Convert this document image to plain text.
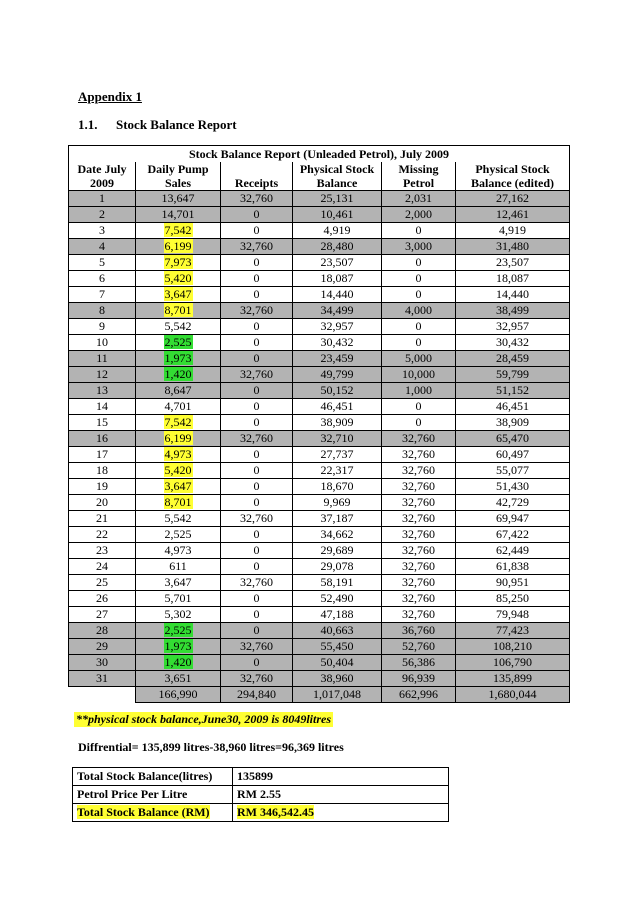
Appendix 1
1.1. Stock Balance Report
Stock Balance Report (Unleaded Petrol), July 2009					
Date July	Daily Pump		Physical Stock	Missing	Physical Stock
2009	Sales	Receipts	Balance	Petrol	Balance (edited)
1	13,647	32,760	25,131	2,031	27,162
2	14,701	0	10,461	2,000	12,461
3	7,542	0	4,919	0	4,919
4	6,199	32,760	28,480	3,000	31,480
5	7,973	0	23,507	0	23,507
6	5,420	0	18,087	0	18,087
7	3,647	0	14,440	0	14,440
8	8,701	32,760	34,499	4,000	38,499
9	5,542	0	32,957	0	32,957
10	2,525	0	30,432	0	30,432
11	1,973	0	23,459	5,000	28,459
12	1,420	32,760	49,799	10,000	59,799
13	8,647	0	50,152	1,000	51,152
14	4,701	0	46,451	0	46,451
15	7,542	0	38,909	0	38,909
16	6,199	32,760	32,710	32,760	65,470
17	4,973	0	27,737	32,760	60,497
18	5,420	0	22,317	32,760	55,077
19	3,647	0	18,670	32,760	51,430
20	8,701	0	9,969	32,760	42,729
21	5,542	32,760	37,187	32,760	69,947
22	2,525	0	34,662	32,760	67,422
23	4,973	0	29,689	32,760	62,449
24	611	0	29,078	32,760	61,838
25	3,647	32,760	58,191	32,760	90,951
26	5,701	0	52,490	32,760	85,250
27	5,302	0	47,188	32,760	79,948
28	2,525	0	40,663	36,760	77,423
29	1,973	32,760	55,450	52,760	108,210
30	1,420	0	50,404	56,386	106,790
31	3,651	32,760	38,960	96,939	135,899
	166,990	294,840	1,017,048	662,996	1,680,044
**physical stock balance,June30, 2009 is 8049litres
Diffrential= 135,899 litres-38,960 litres=96,369 litres
Total Stock Balance(litres)	135899
Petrol Price Per Litre	RM 2.55
Total Stock Balance (RM)	RM 346,542.45
